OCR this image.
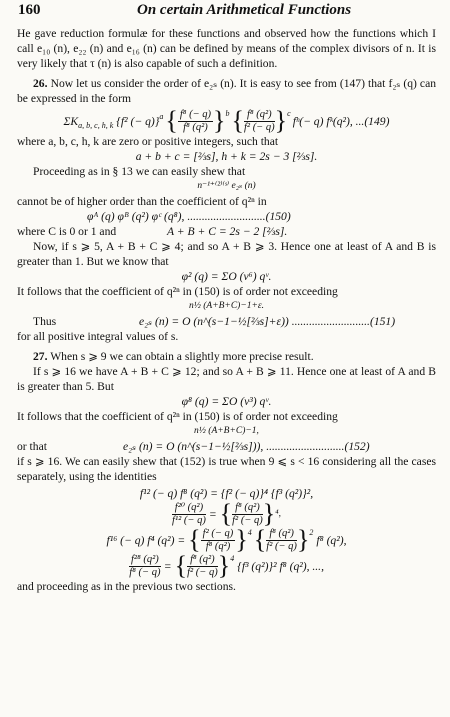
160	On certain Arithmetical Functions

He gave reduction formulæ for these functions and observed how the functions which I call e₁₀ (n), e₂₂ (n) and e₁₆ (n) can be defined by means of the complex divisors of n. It is very likely that τ (n) is also capable of such a definition.

26. Now let us consider the order of e₂ₛ (n). It is easy to see from (147) that f₂ₛ (q) can be expressed in the form

ΣK a, b, c, h, k {f² (− q)} a { $\frac{\text{f⁸ (− q)}}{\text{f⁸ (q²)}}$ } b { $\frac{\text{f⁸ (q²)}}{\text{f² (− q)}}$ } c
fʰ(− q) fᵏ(q²), ...(149)

where a, b, c, h, k are zero or positive integers, such that

a + b + c = [⅔s], h + k = 2s − 3 [⅔s].

Proceeding as in § 13 we can easily shew that

n⁻¹⁺⁽²⁾⁽ˢ⁾ e₂ₛ (n)

cannot be of higher order than the coefficient of q²ⁿ in

φᴬ (q) φᴮ (q²) φᶜ (q⁸), ...........................(150)

where C is 0 or 1 and	A + B + C = 2s − 2 [⅔s].

Now, if s ⩾ 5, A + B + C ⩾ 4; and so A + B ⩾ 3. Hence one at least of A and B is greater than 1. But we know that

φ² (q) = ΣO (ν⁶) qᵛ.

It follows that the coefficient of q²ⁿ in (150) is of order not exceeding

n½ (A+B+C)−1+ε.

Thus	e₂ₛ (n) = O (n^(s−1−½[⅔s]+ε)) ...........................(151)

for all positive integral values of s.

27. When s ⩾ 9 we can obtain a slightly more precise result.

If s ⩾ 16 we have A + B + C ⩾ 12; and so A + B ⩾ 11. Hence one at least of A and B is greater than 5. But

φ⁸ (q) = ΣO (ν³) qᵛ.

It follows that the coefficient of q²ⁿ in (150) is of order not exceeding

n½ (A+B+C)−1,

or that	e₂ₛ (n) = O (n^(s−1−½[⅔s])), ...........................(152)

if s ⩾ 16. We can easily shew that (152) is true when 9 ⩽ s < 16 considering all the cases separately, using the identities

f¹² (− q) f⁸ (q²) = {f² (− q)}⁴ {f³ (q²)}²,

$\frac{\text{f²⁰ (q²)}}{\text{f¹² (− q)}}$ = { $\frac{\text{f⁸ (q²)}}{\text{f² (− q)}}$ } ⁴,
f¹⁶ (− q) f⁴ (q²) = { $\frac{\text{f² (− q)}}{\text{f⁸ (q²)}}$ } 4 { $\frac{\text{f⁸ (q²)}}{\text{f² (− q)}}$ } 2
f⁸ (q²),
$\frac{\text{f²⁸ (q²)}}{\text{f⁸ (− q)}}$ = { $\frac{\text{f⁸ (q²)}}{\text{f² (− q)}}$ } 4
{f³ (q²)}² f⁸ (q²), ...,

and proceeding as in the previous two sections.
